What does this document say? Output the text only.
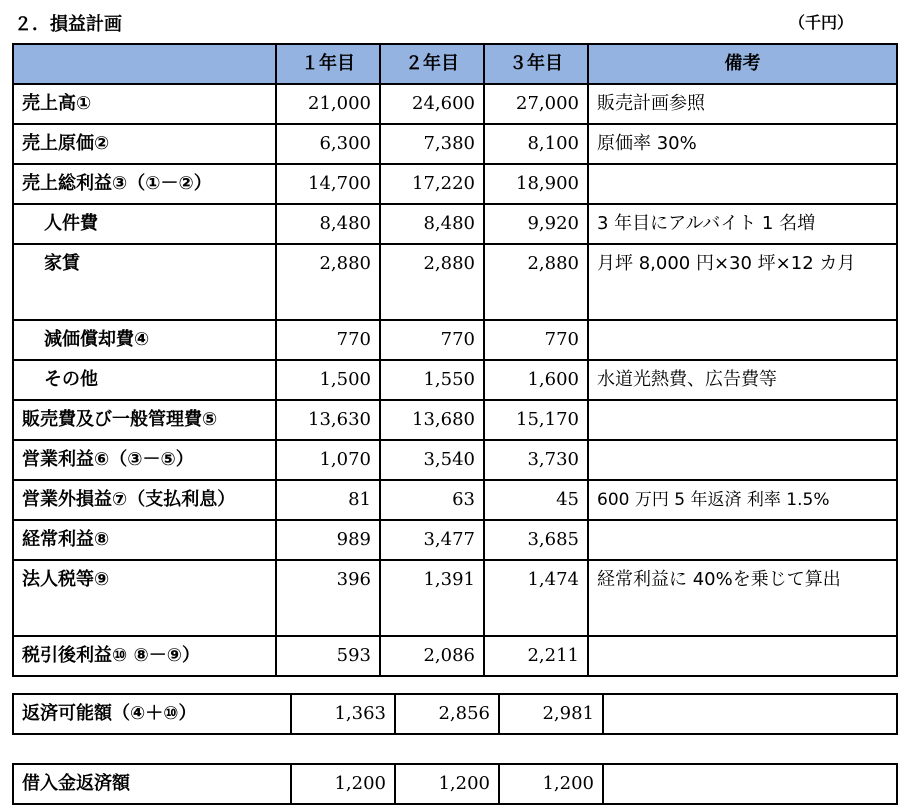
２．損益計画	（千円）
	１年目	２年目	３年目	備考
売上高①	21,000	24,600	27,000	販売計画参照
売上原価②	6,300	7,380	8,100	原価率 30%
売上総利益③（①－②）	14,700	17,220	18,900	
人件費	8,480	8,480	9,920	3 年目にアルバイト 1 名増
家賃	2,880	2,880	2,880	月坪 8,000 円×30 坪×12 カ月
減価償却費④	770	770	770	
その他	1,500	1,550	1,600	水道光熱費、広告費等
販売費及び一般管理費⑤	13,630	13,680	15,170	
営業利益⑥（③－⑤）	1,070	3,540	3,730	
営業外損益⑦（支払利息）	81	63	45	600 万円 5 年返済 利率 1.5%
経常利益⑧	989	3,477	3,685	
法人税等⑨	396	1,391	1,474	経常利益に 40%を乗じて算出
税引後利益⑩ ⑧－⑨）	593	2,086	2,211	
返済可能額（④＋⑩）	1,363	2,856	2,981	
借入金返済額	1,200	1,200	1,200	
